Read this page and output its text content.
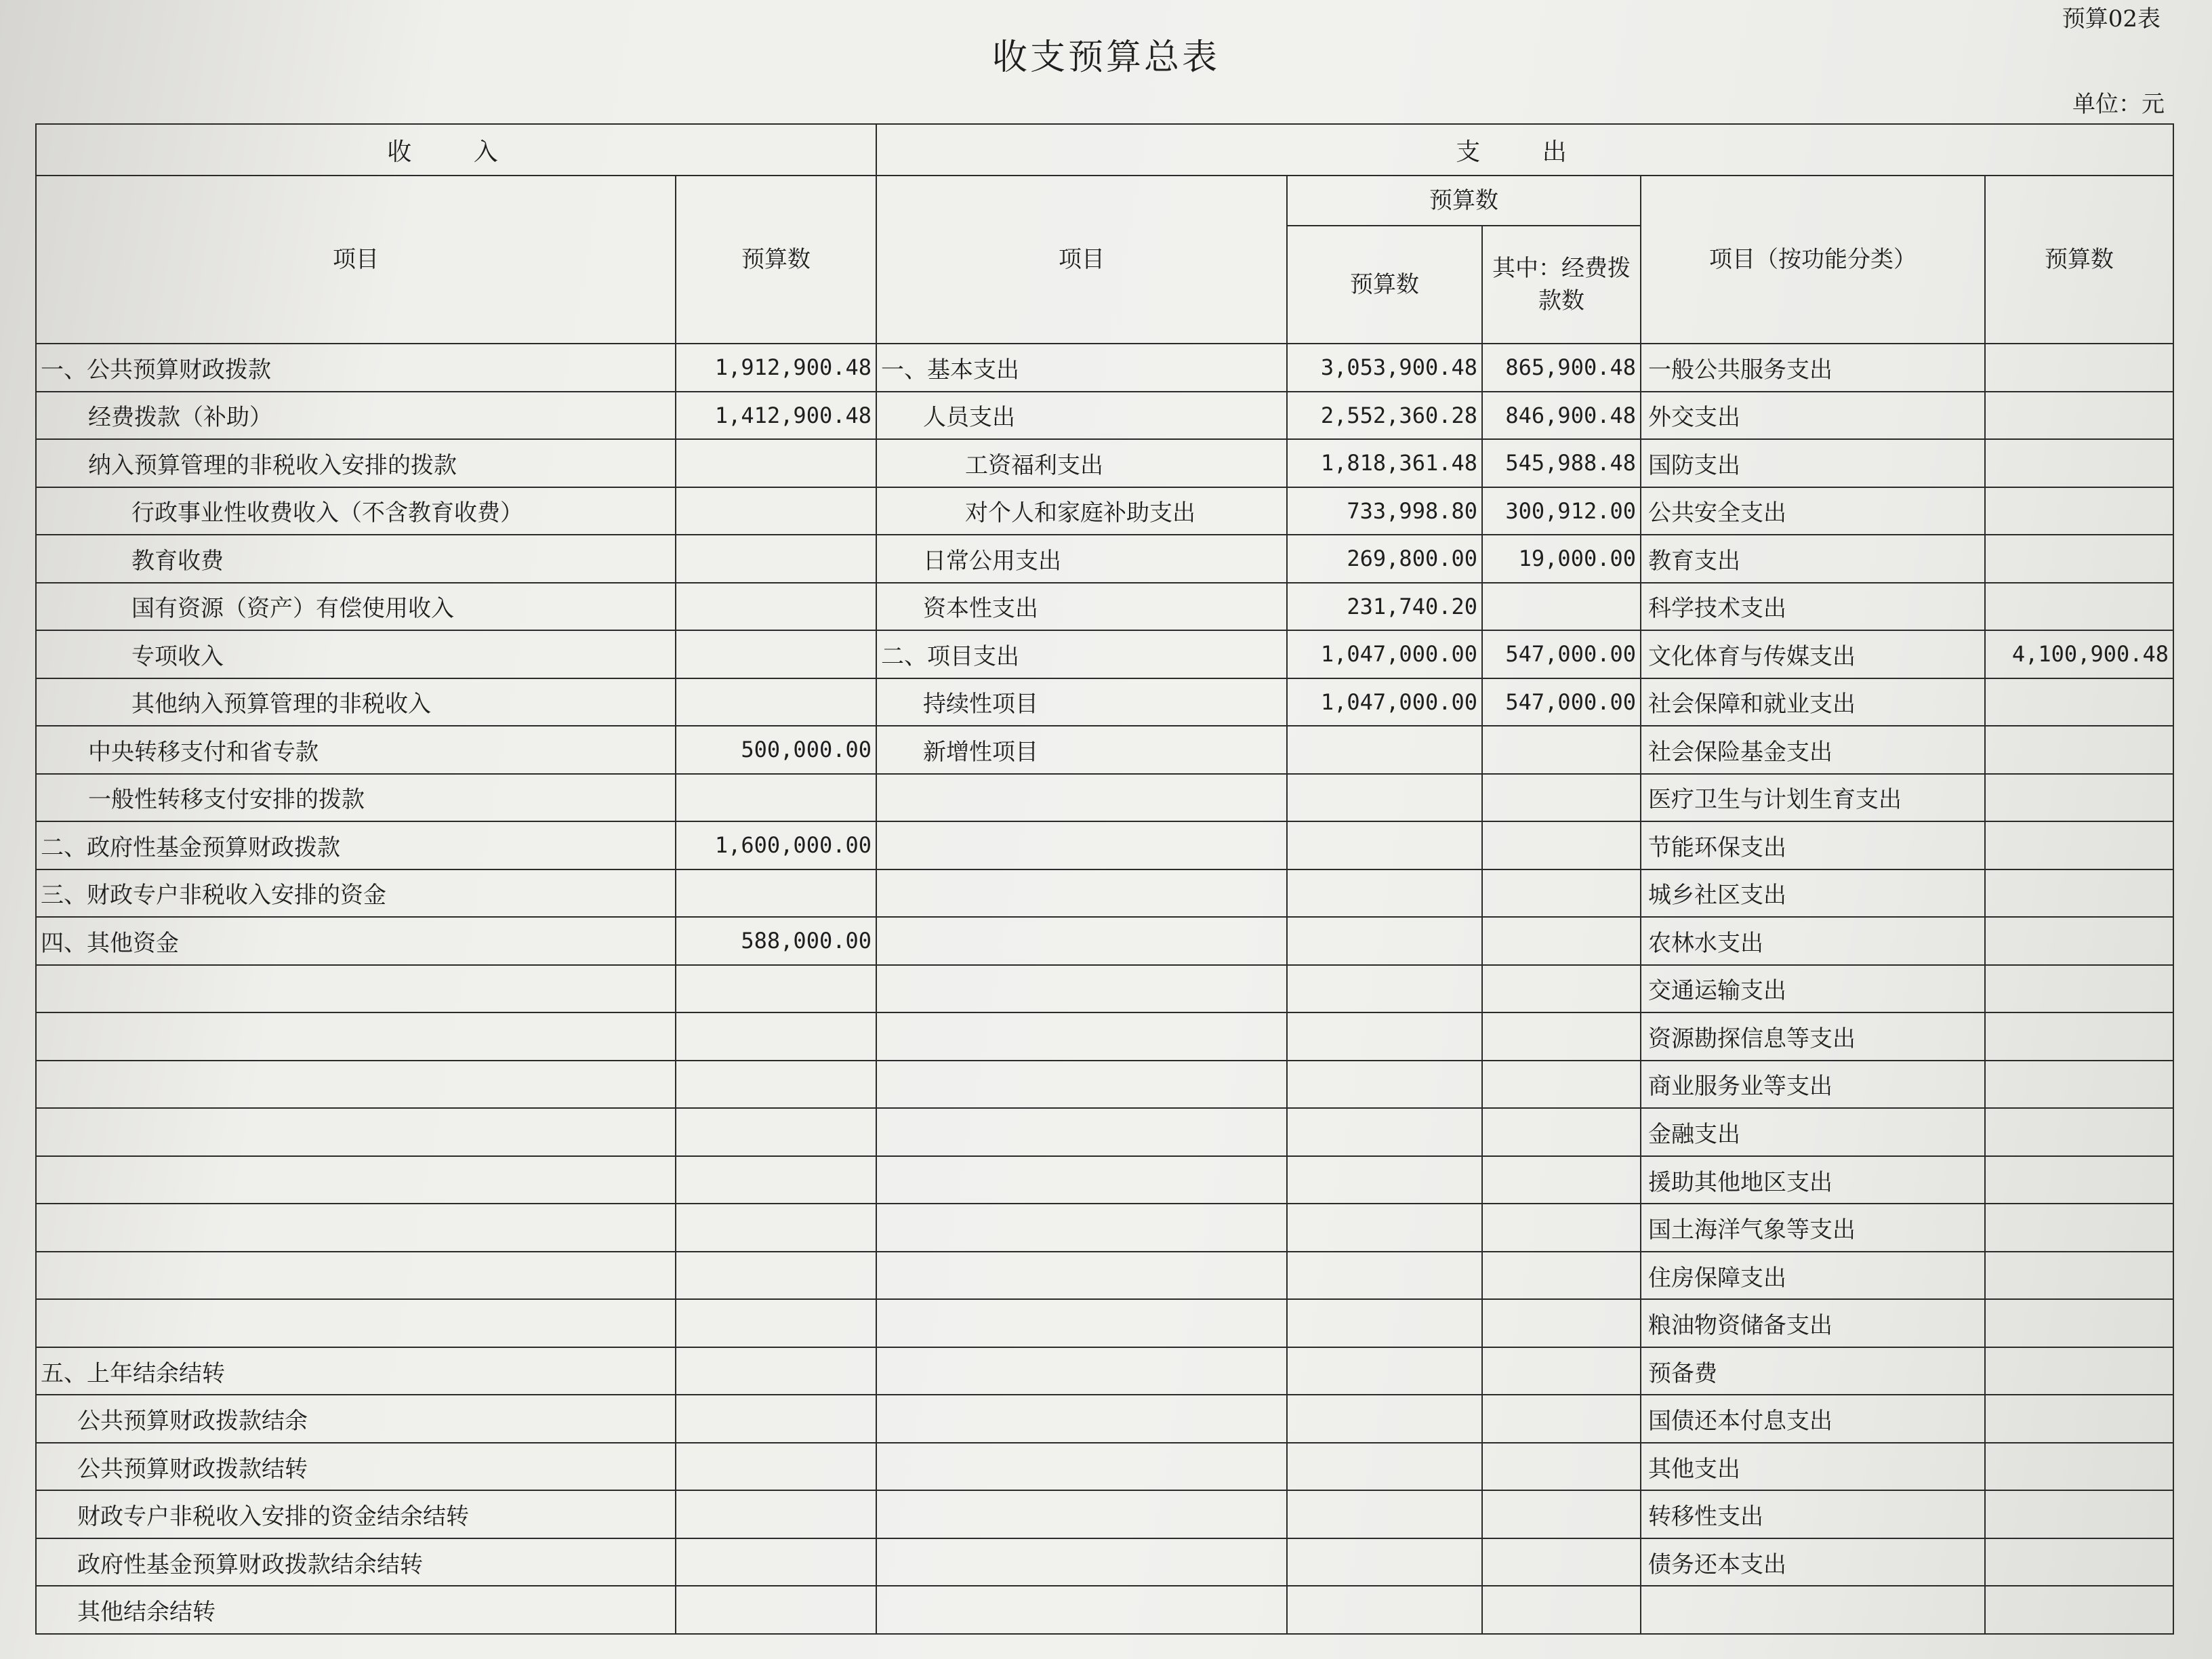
预算02表
收支预算总表
单位：元
收 入		支 出				
项目	预算数	项目	预算数		项目（按功能分类）	预算数
			预算数	其中：经费拨款数		
一、公共预算财政拨款	1,912,900.48	一、基本支出	3,053,900.48	865,900.48	一般公共服务支出	
经费拨款（补助）	1,412,900.48	人员支出	2,552,360.28	846,900.48	外交支出	
纳入预算管理的非税收入安排的拨款		工资福利支出	1,818,361.48	545,988.48	国防支出	
行政事业性收费收入（不含教育收费）		对个人和家庭补助支出	733,998.80	300,912.00	公共安全支出	
教育收费		日常公用支出	269,800.00	19,000.00	教育支出	
国有资源（资产）有偿使用收入		资本性支出	231,740.20		科学技术支出	
专项收入		二、项目支出	1,047,000.00	547,000.00	文化体育与传媒支出	4,100,900.48
其他纳入预算管理的非税收入		持续性项目	1,047,000.00	547,000.00	社会保障和就业支出	
中央转移支付和省专款	500,000.00	新增性项目			社会保险基金支出	
一般性转移支付安排的拨款					医疗卫生与计划生育支出	
二、政府性基金预算财政拨款	1,600,000.00				节能环保支出	
三、财政专户非税收入安排的资金					城乡社区支出	
四、其他资金	588,000.00				农林水支出	
					交通运输支出	
					资源勘探信息等支出	
					商业服务业等支出	
					金融支出	
					援助其他地区支出	
					国土海洋气象等支出	
					住房保障支出	
					粮油物资储备支出	
五、上年结余结转					预备费	
公共预算财政拨款结余					国债还本付息支出	
公共预算财政拨款结转					其他支出	
财政专户非税收入安排的资金结余结转					转移性支出	
政府性基金预算财政拨款结余结转					债务还本支出	
其他结余结转						
